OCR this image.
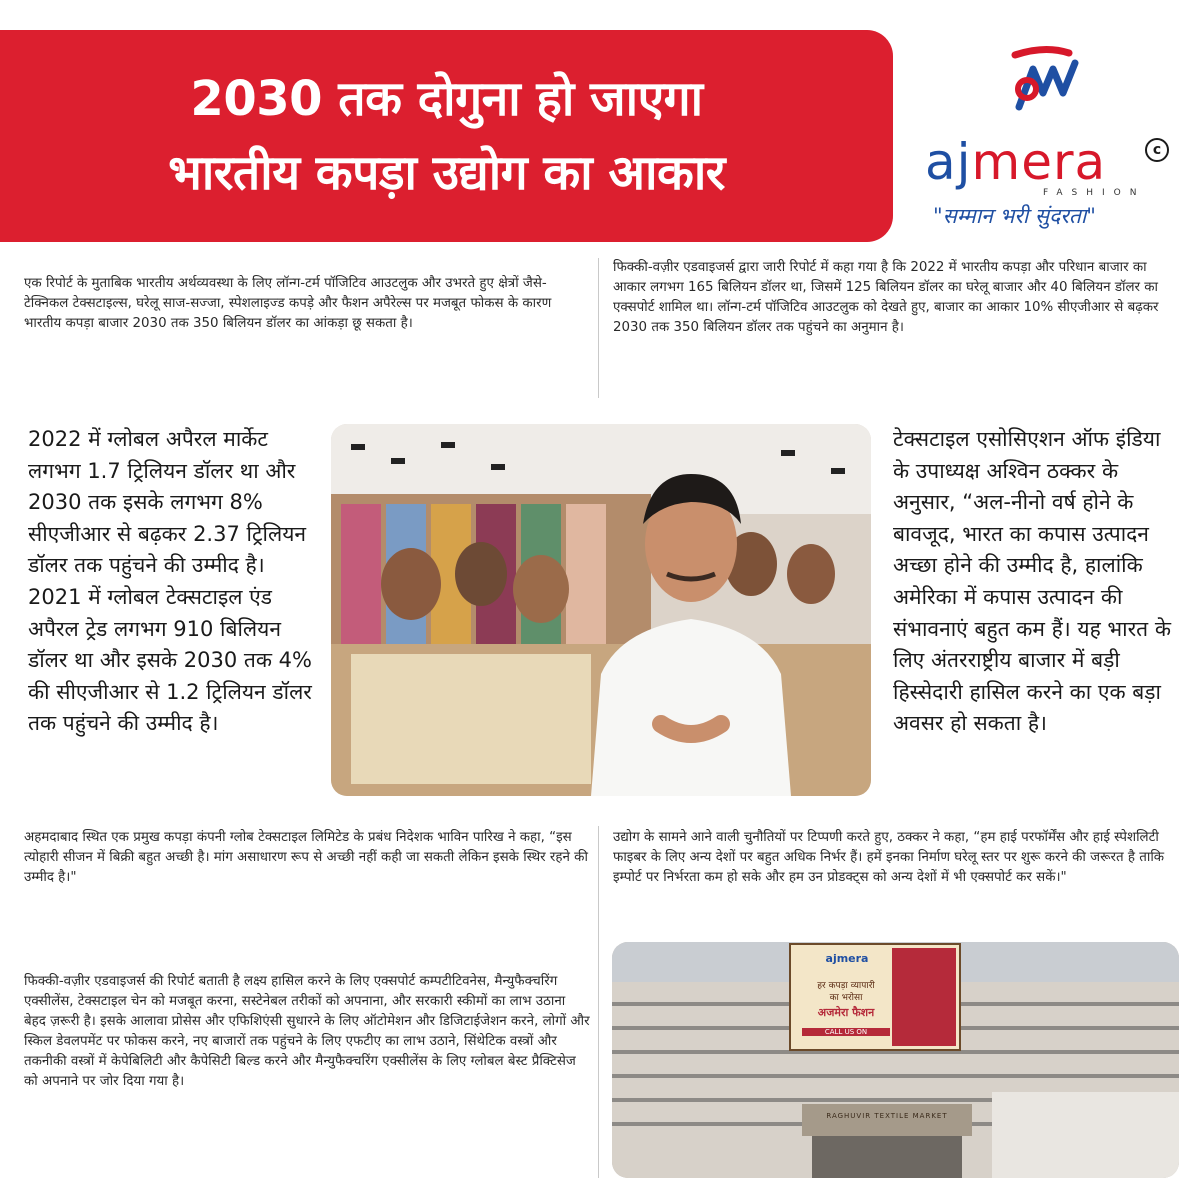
2030 तक दोगुना हो जाएगा
भारतीय कपड़ा उद्योग का आकार	ajmera	c
FASHION
"सम्मान भरी सुंदरता"
एक रिपोर्ट के मुताबिक भारतीय अर्थव्यवस्था के लिए लॉन्ग-टर्म पॉजिटिव आउटलुक और उभरते हुए क्षेत्रों जैसे-टेक्निकल टेक्सटाइल्स, घरेलू साज-सज्जा, स्पेशलाइज्ड कपड़े और फैशन अपैरेल्स पर मजबूत फोकस के कारण भारतीय कपड़ा बाजार 2030 तक 350 बिलियन डॉलर का आंकड़ा छू सकता है।
फिक्की-वज़ीर एडवाइजर्स द्वारा जारी रिपोर्ट में कहा गया है कि 2022 में भारतीय कपड़ा और परिधान बाजार का आकार लगभग 165 बिलियन डॉलर था, जिसमें 125 बिलियन डॉलर का घरेलू बाजार और 40 बिलियन डॉलर का एक्सपोर्ट शामिल था। लॉन्ग-टर्म पॉजिटिव आउटलुक को देखते हुए, बाजार का आकार 10% सीएजीआर से बढ़कर 2030 तक 350 बिलियन डॉलर तक पहुंचने का अनुमान है।
2022 में ग्लोबल अपैरल मार्केट लगभग 1.7 ट्रिलियन डॉलर था और 2030 तक इसके लगभग 8% सीएजीआर से बढ़कर 2.37 ट्रिलियन डॉलर तक पहुंचने की उम्मीद है। 2021 में ग्लोबल टेक्सटाइल एंड अपैरल ट्रेड लगभग 910 बिलियन डॉलर था और इसके 2030 तक 4% की सीएजीआर से 1.2 ट्रिलियन डॉलर तक पहुंचने की उम्मीद है।
टेक्सटाइल एसोसिएशन ऑफ इंडिया के उपाध्यक्ष अश्विन ठक्कर के अनुसार, “अल-नीनो वर्ष होने के बावजूद, भारत का कपास उत्पादन अच्छा होने की उम्मीद है, हालांकि अमेरिका में कपास उत्पादन की संभावनाएं बहुत कम हैं। यह भारत के लिए अंतरराष्ट्रीय बाजार में बड़ी हिस्सेदारी हासिल करने का एक बड़ा अवसर हो सकता है।
अहमदाबाद स्थित एक प्रमुख कपड़ा कंपनी ग्लोब टेक्सटाइल लिमिटेड के प्रबंध निदेशक भाविन पारिख ने कहा, “इस त्योहारी सीजन में बिक्री बहुत अच्छी है। मांग असाधारण रूप से अच्छी नहीं कही जा सकती लेकिन इसके स्थिर रहने की उम्मीद है।"
उद्योग के सामने आने वाली चुनौतियों पर टिप्पणी करते हुए, ठक्कर ने कहा, “हम हाई परफॉर्मेंस और हाई स्पेशलिटी फाइबर के लिए अन्य देशों पर बहुत अधिक निर्भर हैं। हमें इनका निर्माण घरेलू स्तर पर शुरू करने की जरूरत है ताकि इम्पोर्ट पर निर्भरता कम हो सके और हम उन प्रोडक्ट्स को अन्य देशों में भी एक्सपोर्ट कर सकें।"
फिक्की-वज़ीर एडवाइजर्स की रिपोर्ट बताती है लक्ष्य हासिल करने के लिए एक्सपोर्ट कम्पटीटिवनेस, मैन्युफैक्चरिंग एक्सीलेंस, टेक्सटाइल चेन को मजबूत करना, सस्टेनेबल तरीकों को अपनाना, और सरकारी स्कीमों का लाभ उठाना बेहद ज़रूरी है। इसके आलावा प्रोसेस और एफिशिएंसी सुधारने के लिए ऑटोमेशन और डिजिटाईजेशन करने, लोगों और स्किल डेवलपमेंट पर फोकस करने, नए बाजारों तक पहुंचने के लिए एफटीए का लाभ उठाने, सिंथेटिक वस्त्रों और तकनीकी वस्त्रों में केपेबिलिटी और कैपेसिटी बिल्ड करने और मैन्युफैक्चरिंग एक्सीलेंस के लिए ग्लोबल बेस्ट प्रैक्टिसेज को अपनाने पर जोर दिया गया है।
ajmera
हर कपड़ा व्यापारी
का भरोसा
अजमेरा फैशन
CALL US ON
RAGHUVIR TEXTILE MARKET
